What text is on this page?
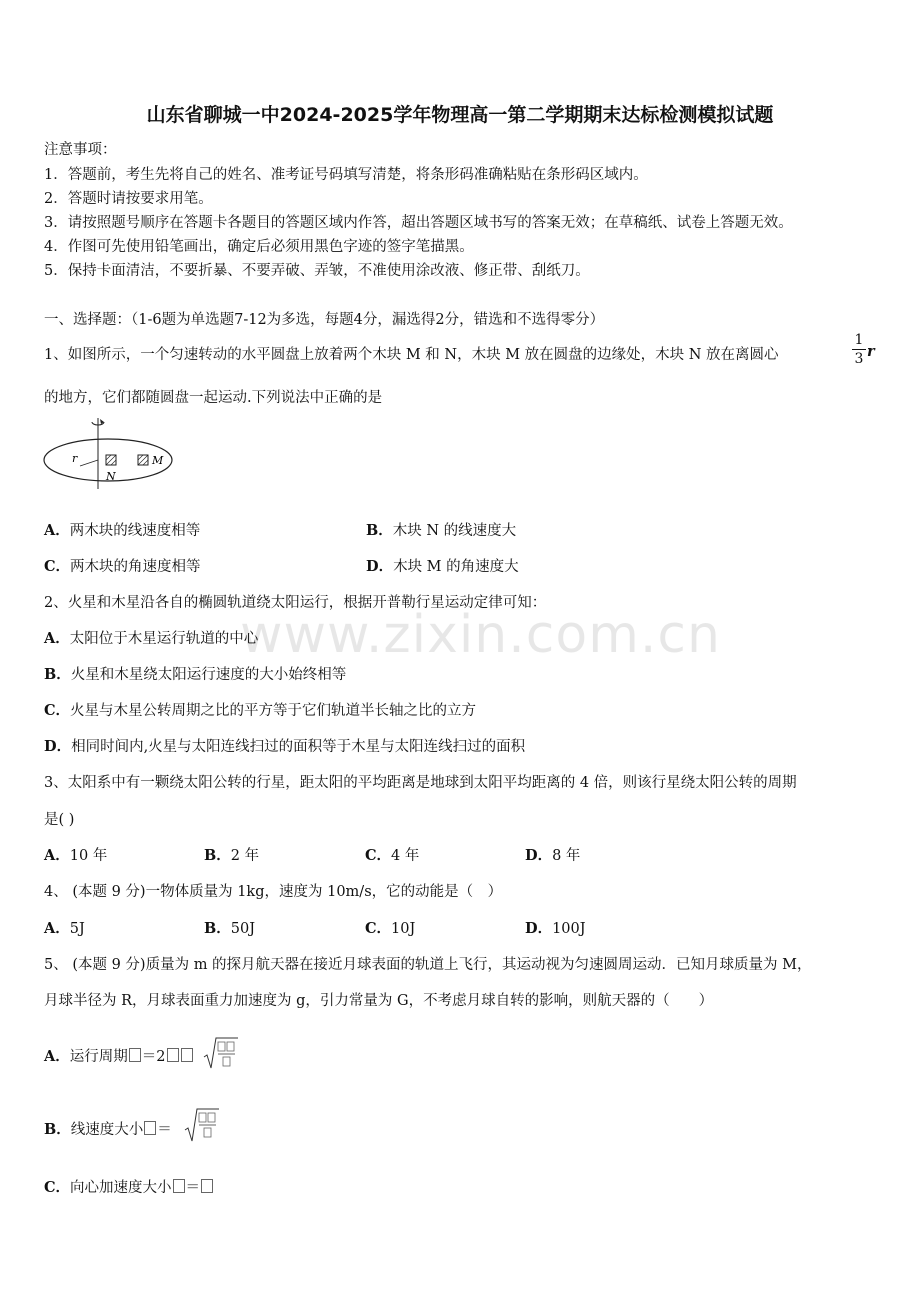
山东省聊城一中2024-2025学年物理高一第二学期期末达标检测模拟试题
注意事项：
1．答题前，考生先将自己的姓名、准考证号码填写清楚，将条形码准确粘贴在条形码区域内。
2．答题时请按要求用笔。
3．请按照题号顺序在答题卡各题目的答题区域内作答，超出答题区域书写的答案无效；在草稿纸、试卷上答题无效。
4．作图可先使用铅笔画出，确定后必须用黑色字迹的签字笔描黑。
5．保持卡面清洁，不要折暴、不要弄破、弄皱，不准使用涂改液、修正带、刮纸刀。
一、选择题：（1-6题为单选题7-12为多选，每题4分，漏选得2分，错选和不选得零分）
1、如图所示，一个匀速转动的水平圆盘上放着两个木块 M 和 N，木块 M 放在圆盘的边缘处，木块 N 放在离圆心
1
3 r
的地方，它们都随圆盘一起运动.下列说法中正确的是
r
N
M
A．两木块的线速度相等	B．木块 N 的线速度大
C．两木块的角速度相等	D．木块 M 的角速度大
2、火星和木星沿各自的椭圆轨道绕太阳运行，根据开普勒行星运动定律可知：
A．太阳位于木星运行轨道的中心
B．火星和木星绕太阳运行速度的大小始终相等
C．火星与木星公转周期之比的平方等于它们轨道半长轴之比的立方
D．相同时间内,火星与太阳连线扫过的面积等于木星与太阳连线扫过的面积
www.zixin.com.cn
3、太阳系中有一颗绕太阳公转的行星，距太阳的平均距离是地球到太阳平均距离的 4 倍，则该行星绕太阳公转的周期
是( )
A．10 年	B．2 年	C．4 年	D．8 年
4、 (本题 9 分)一物体质量为 1kg，速度为 10m/s，它的动能是（　）
A．5J	B．50J	C．10J	D．100J
5、 (本题 9 分)质量为 m 的探月航天器在接近月球表面的轨道上飞行，其运动视为匀速圆周运动．已知月球质量为 M，
月球半径为 R，月球表面重力加速度为 g，引力常量为 G，不考虑月球自转的影响，则航天器的（　　）
A．运行周期 ＝2
B．线速度大小 ＝
C．向心加速度大小 ＝
